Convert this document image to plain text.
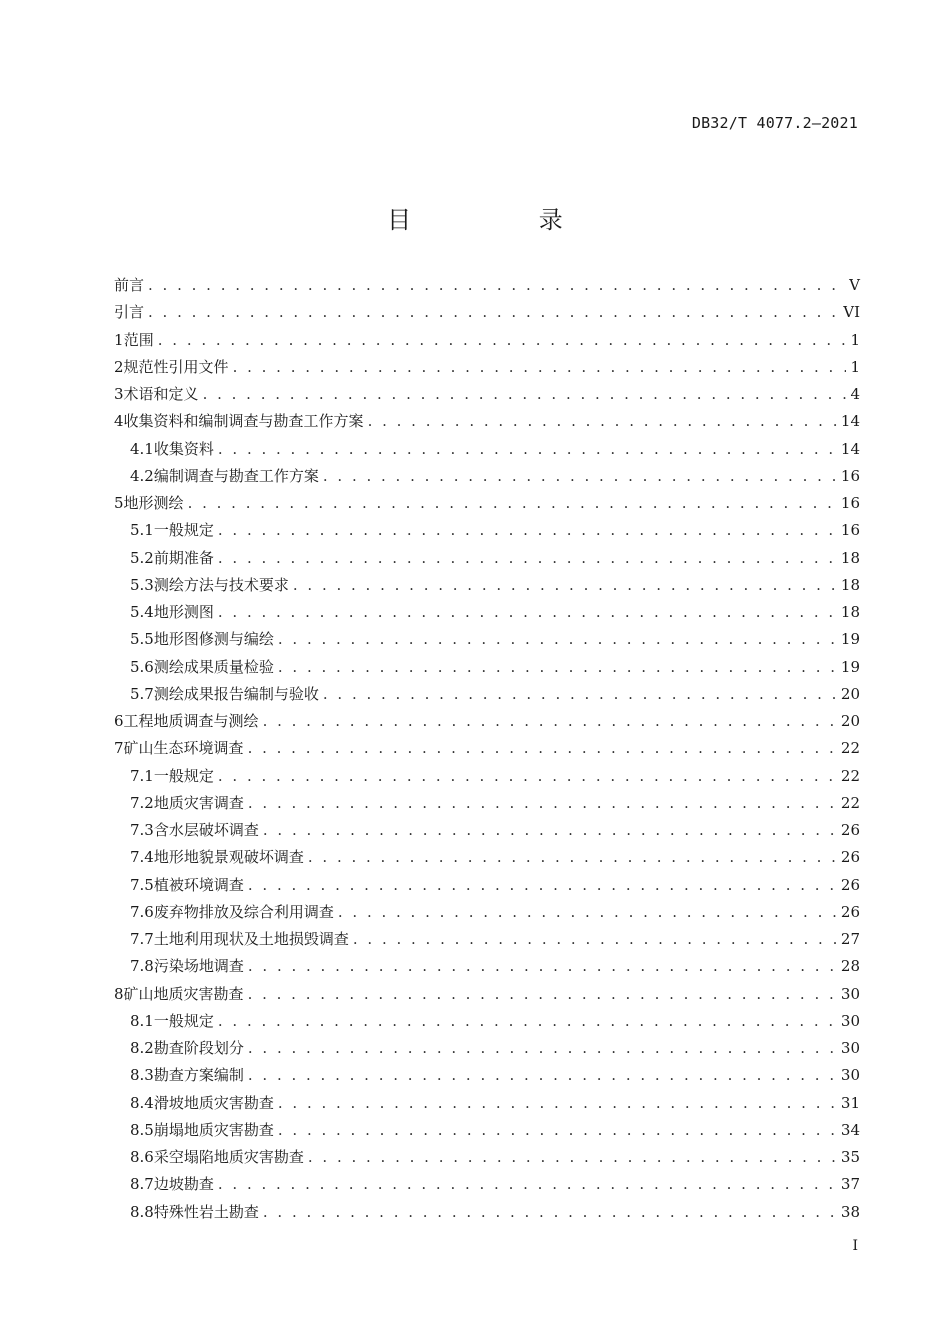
DB32/T 4077.2—2021
目 录
前言 . . .	V
引言 . . .	VI
1 范围 . . .	1
2 规范性引用文件 . . .	1
3 术语和定义 . . .	4
4 收集资料和编制调查与勘查工作方案 . . .	14
4.1 收集资料 . . .	14
4.2 编制调查与勘查工作方案 . . .	16
5 地形测绘 . . .	16
5.1 一般规定 . . .	16
5.2 前期准备 . . .	18
5.3 测绘方法与技术要求 . . .	18
5.4 地形测图 . . .	18
5.5 地形图修测与编绘 . . .	19
5.6 测绘成果质量检验 . . .	19
5.7 测绘成果报告编制与验收 . . .	20
6 工程地质调查与测绘 . . .	20
7 矿山生态环境调查 . . .	22
7.1 一般规定 . . .	22
7.2 地质灾害调查 . . .	22
7.3 含水层破坏调查 . . .	26
7.4 地形地貌景观破坏调查 . . .	26
7.5 植被环境调查 . . .	26
7.6 废弃物排放及综合利用调查 . . .	26
7.7 土地利用现状及土地损毁调查 . . .	27
7.8 污染场地调查 . . .	28
8 矿山地质灾害勘查 . . .	30
8.1 一般规定 . . .	30
8.2 勘查阶段划分 . . .	30
8.3 勘查方案编制 . . .	30
8.4 滑坡地质灾害勘查 . . .	31
8.5 崩塌地质灾害勘查 . . .	34
8.6 采空塌陷地质灾害勘查 . . .	35
8.7 边坡勘查 . . .	37
8.8 特殊性岩土勘查 . . .	38
I
